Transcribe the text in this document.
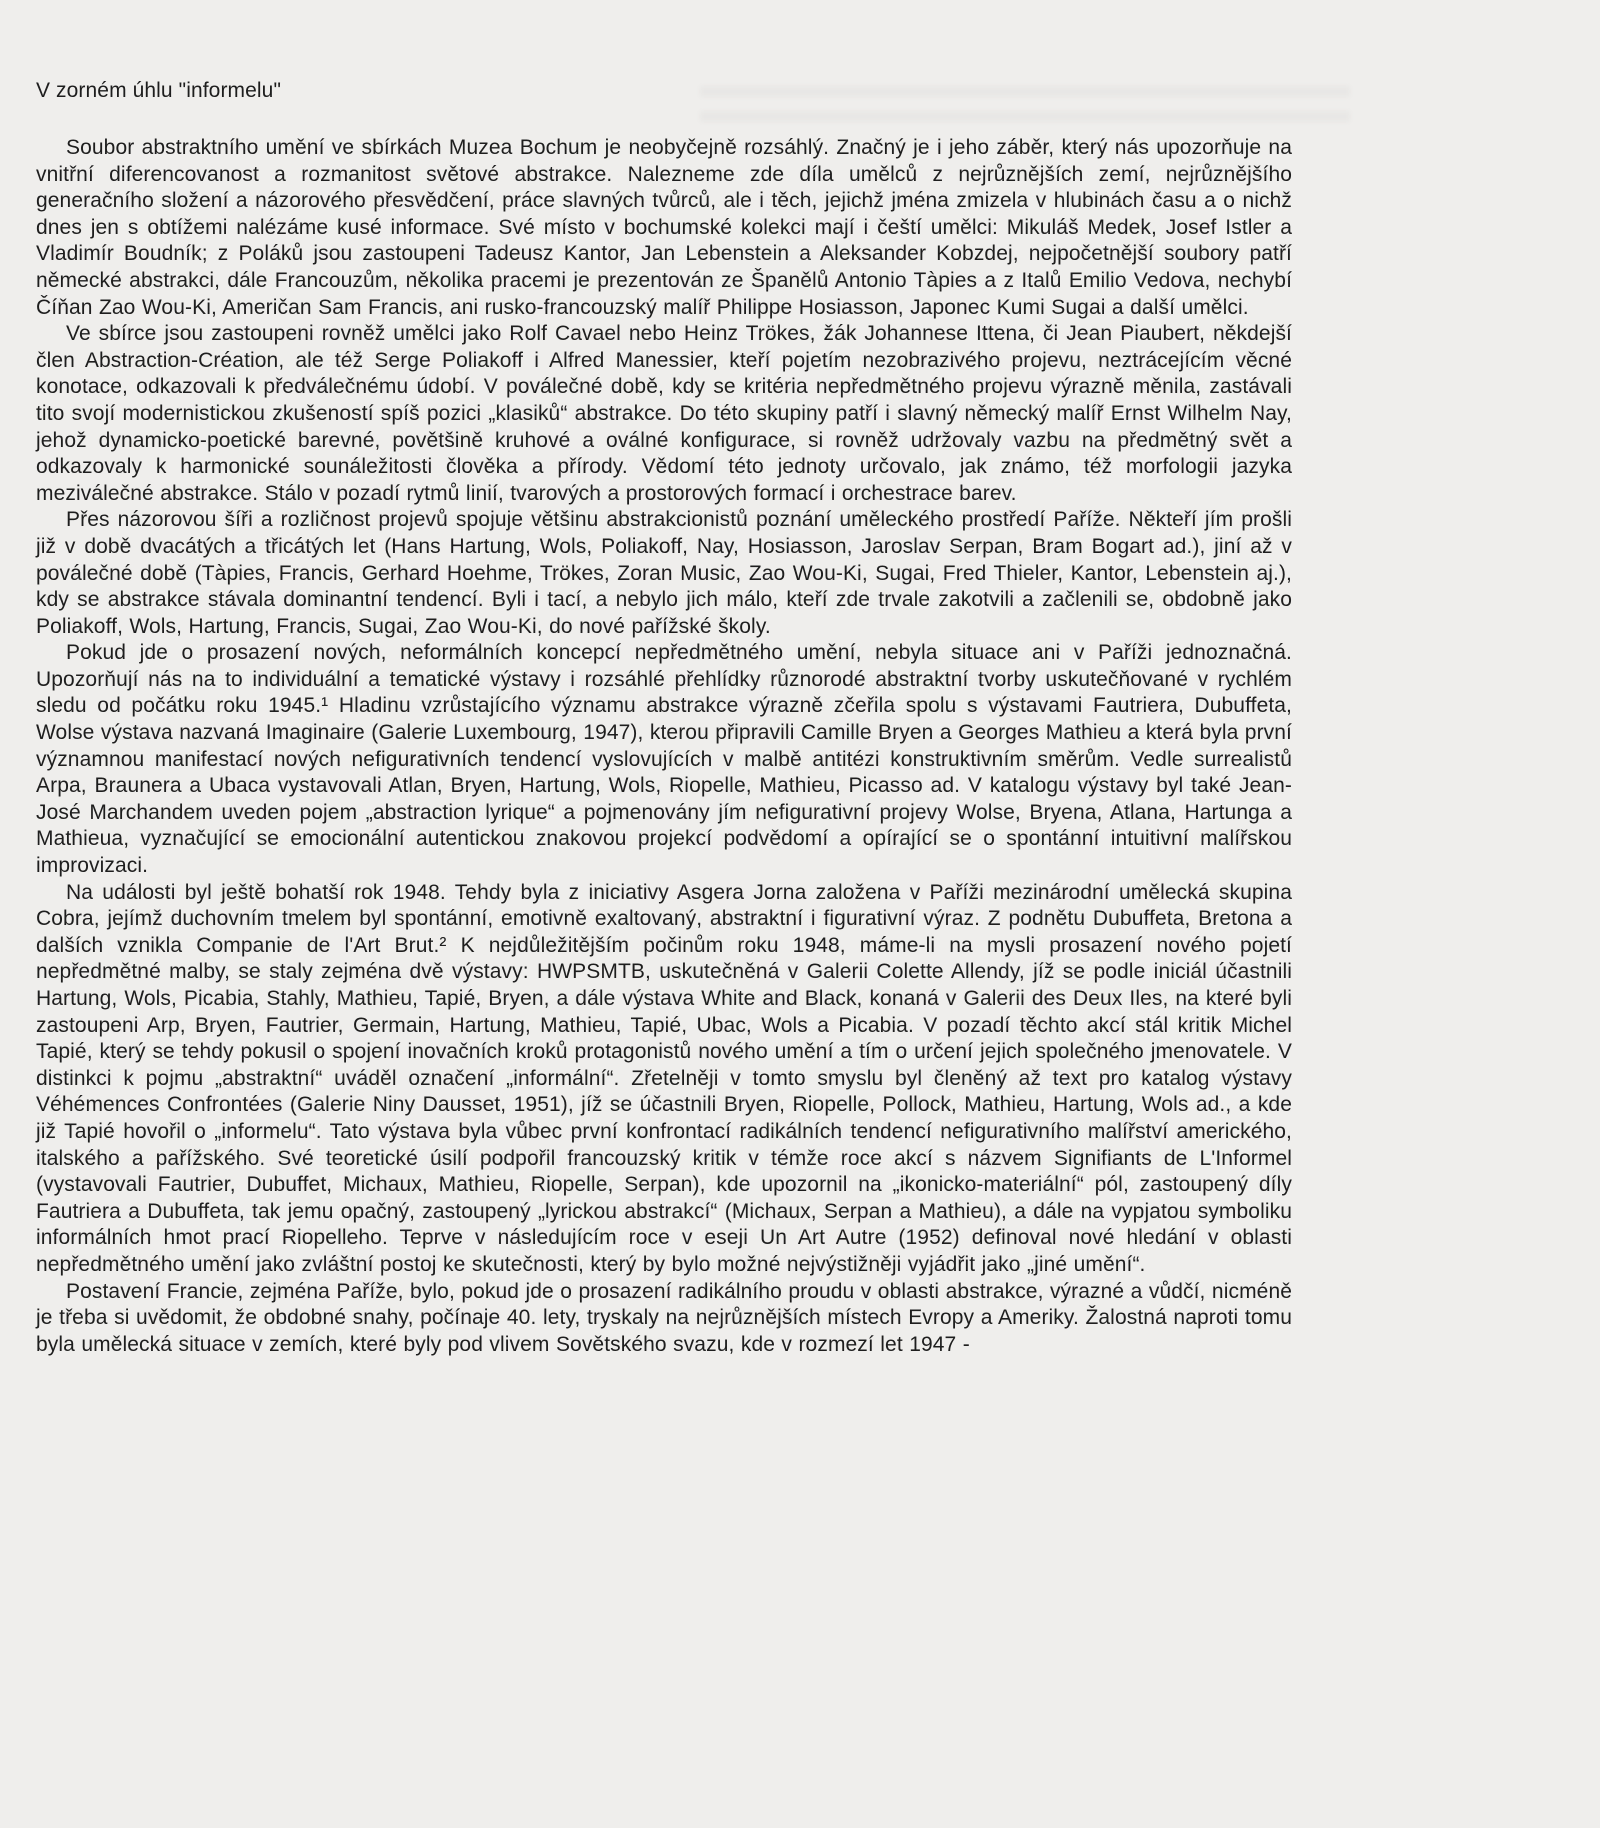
V zorném úhlu "informelu"

Soubor abstraktního umění ve sbírkách Muzea Bochum je neobyčejně rozsáhlý. Značný je i jeho záběr, který nás upozorňuje na vnitřní diferencovanost a rozmanitost světové abstrakce. Nalezneme zde díla umělců z nejrůznějších zemí, nejrůznějšího generačního složení a názorového přesvědčení, práce slavných tvůrců, ale i těch, jejichž jména zmizela v hlubinách času a o nichž dnes jen s obtížemi nalézáme kusé informace. Své místo v bochumské kolekci mají i čeští umělci: Mikuláš Medek, Josef Istler a Vladimír Boudník; z Poláků jsou zastoupeni Tadeusz Kantor, Jan Lebenstein a Aleksander Kobzdej, nejpočetnější soubory patří německé abstrakci, dále Francouzům, několika pracemi je prezentován ze Španělů Antonio Tàpies a z Italů Emilio Vedova, nechybí Číňan Zao Wou-Ki, Američan Sam Francis, ani rusko-francouzský malíř Philippe Hosiasson, Japonec Kumi Sugai a další umělci.

Ve sbírce jsou zastoupeni rovněž umělci jako Rolf Cavael nebo Heinz Trökes, žák Johannese Ittena, či Jean Piaubert, někdejší člen Abstraction-Création, ale též Serge Poliakoff i Alfred Manessier, kteří pojetím nezobrazivého projevu, neztrácejícím věcné konotace, odkazovali k předválečnému údobí. V poválečné době, kdy se kritéria nepředmětného projevu výrazně měnila, zastávali tito svojí modernistickou zkušeností spíš pozici „klasiků“ abstrakce. Do této skupiny patří i slavný německý malíř Ernst Wilhelm Nay, jehož dynamicko-poetické barevné, povětšině kruhové a oválné konfigurace, si rovněž udržovaly vazbu na předmětný svět a odkazovaly k harmonické sounáležitosti člověka a přírody. Vědomí této jednoty určovalo, jak známo, též morfologii jazyka meziválečné abstrakce. Stálo v pozadí rytmů linií, tvarových a prostorových formací i orchestrace barev.

Přes názorovou šíři a rozličnost projevů spojuje většinu abstrakcionistů poznání uměleckého prostředí Paříže. Někteří jím prošli již v době dvacátých a třicátých let (Hans Hartung, Wols, Poliakoff, Nay, Hosiasson, Jaroslav Serpan, Bram Bogart ad.), jiní až v poválečné době (Tàpies, Francis, Gerhard Hoehme, Trökes, Zoran Music, Zao Wou-Ki, Sugai, Fred Thieler, Kantor, Lebenstein aj.), kdy se abstrakce stávala dominantní tendencí. Byli i tací, a nebylo jich málo, kteří zde trvale zakotvili a začlenili se, obdobně jako Poliakoff, Wols, Hartung, Francis, Sugai, Zao Wou-Ki, do nové pařížské školy.

Pokud jde o prosazení nových, neformálních koncepcí nepředmětného umění, nebyla situace ani v Paříži jednoznačná. Upozorňují nás na to individuální a tematické výstavy i rozsáhlé přehlídky různorodé abstraktní tvorby uskutečňované v rychlém sledu od počátku roku 1945.¹ Hladinu vzrůstajícího významu abstrakce výrazně zčeřila spolu s výstavami Fautriera, Dubuffeta, Wolse výstava nazvaná Imaginaire (Galerie Luxembourg, 1947), kterou připravili Camille Bryen a Georges Mathieu a která byla první významnou manifestací nových nefigurativních tendencí vyslovujících v malbě antitézi konstruktivním směrům. Vedle surrealistů Arpa, Braunera a Ubaca vystavovali Atlan, Bryen, Hartung, Wols, Riopelle, Mathieu, Picasso ad. V katalogu výstavy byl také Jean-José Marchandem uveden pojem „abstraction lyrique“ a pojmenovány jím nefigurativní projevy Wolse, Bryena, Atlana, Hartunga a Mathieua, vyznačující se emocionální autentickou znakovou projekcí podvědomí a opírající se o spontánní intuitivní malířskou improvizaci.

Na události byl ještě bohatší rok 1948. Tehdy byla z iniciativy Asgera Jorna založena v Paříži mezinárodní umělecká skupina Cobra, jejímž duchovním tmelem byl spontánní, emotivně exaltovaný, abstraktní i figurativní výraz. Z podnětu Dubuffeta, Bretona a dalších vznikla Companie de l'Art Brut.² K nejdůležitějším počinům roku 1948, máme-li na mysli prosazení nového pojetí nepředmětné malby, se staly zejména dvě výstavy: HWPSMTB, uskutečněná v Galerii Colette Allendy, jíž se podle iniciál účastnili Hartung, Wols, Picabia, Stahly, Mathieu, Tapié, Bryen, a dále výstava White and Black, konaná v Galerii des Deux Iles, na které byli zastoupeni Arp, Bryen, Fautrier, Germain, Hartung, Mathieu, Tapié, Ubac, Wols a Picabia. V pozadí těchto akcí stál kritik Michel Tapié, který se tehdy pokusil o spojení inovačních kroků protagonistů nového umění a tím o určení jejich společného jmenovatele. V distinkci k pojmu „abstraktní“ uváděl označení „informální“. Zřetelněji v tomto smyslu byl členěný až text pro katalog výstavy Véhémences Confrontées (Galerie Niny Dausset, 1951), jíž se účastnili Bryen, Riopelle, Pollock, Mathieu, Hartung, Wols ad., a kde již Tapié hovořil o „informelu“. Tato výstava byla vůbec první konfrontací radikálních tendencí nefigurativního malířství amerického, italského a pařížského. Své teoretické úsilí podpořil francouzský kritik v témže roce akcí s názvem Signifiants de L'Informel (vystavovali Fautrier, Dubuffet, Michaux, Mathieu, Riopelle, Serpan), kde upozornil na „ikonicko-materiální“ pól, zastoupený díly Fautriera a Dubuffeta, tak jemu opačný, zastoupený „lyrickou abstrakcí“ (Michaux, Serpan a Mathieu), a dále na vypjatou symboliku informálních hmot prací Riopelleho. Teprve v následujícím roce v eseji Un Art Autre (1952) definoval nové hledání v oblasti nepředmětného umění jako zvláštní postoj ke skutečnosti, který by bylo možné nejvýstižněji vyjádřit jako „jiné umění“.

Postavení Francie, zejména Paříže, bylo, pokud jde o prosazení radikálního proudu v oblasti abstrakce, výrazné a vůdčí, nicméně je třeba si uvědomit, že obdobné snahy, počínaje 40. lety, tryskaly na nejrůznějších místech Evropy a Ameriky. Žalostná naproti tomu byla umělecká situace v zemích, které byly pod vlivem Sovětského svazu, kde v rozmezí let 1947 -
